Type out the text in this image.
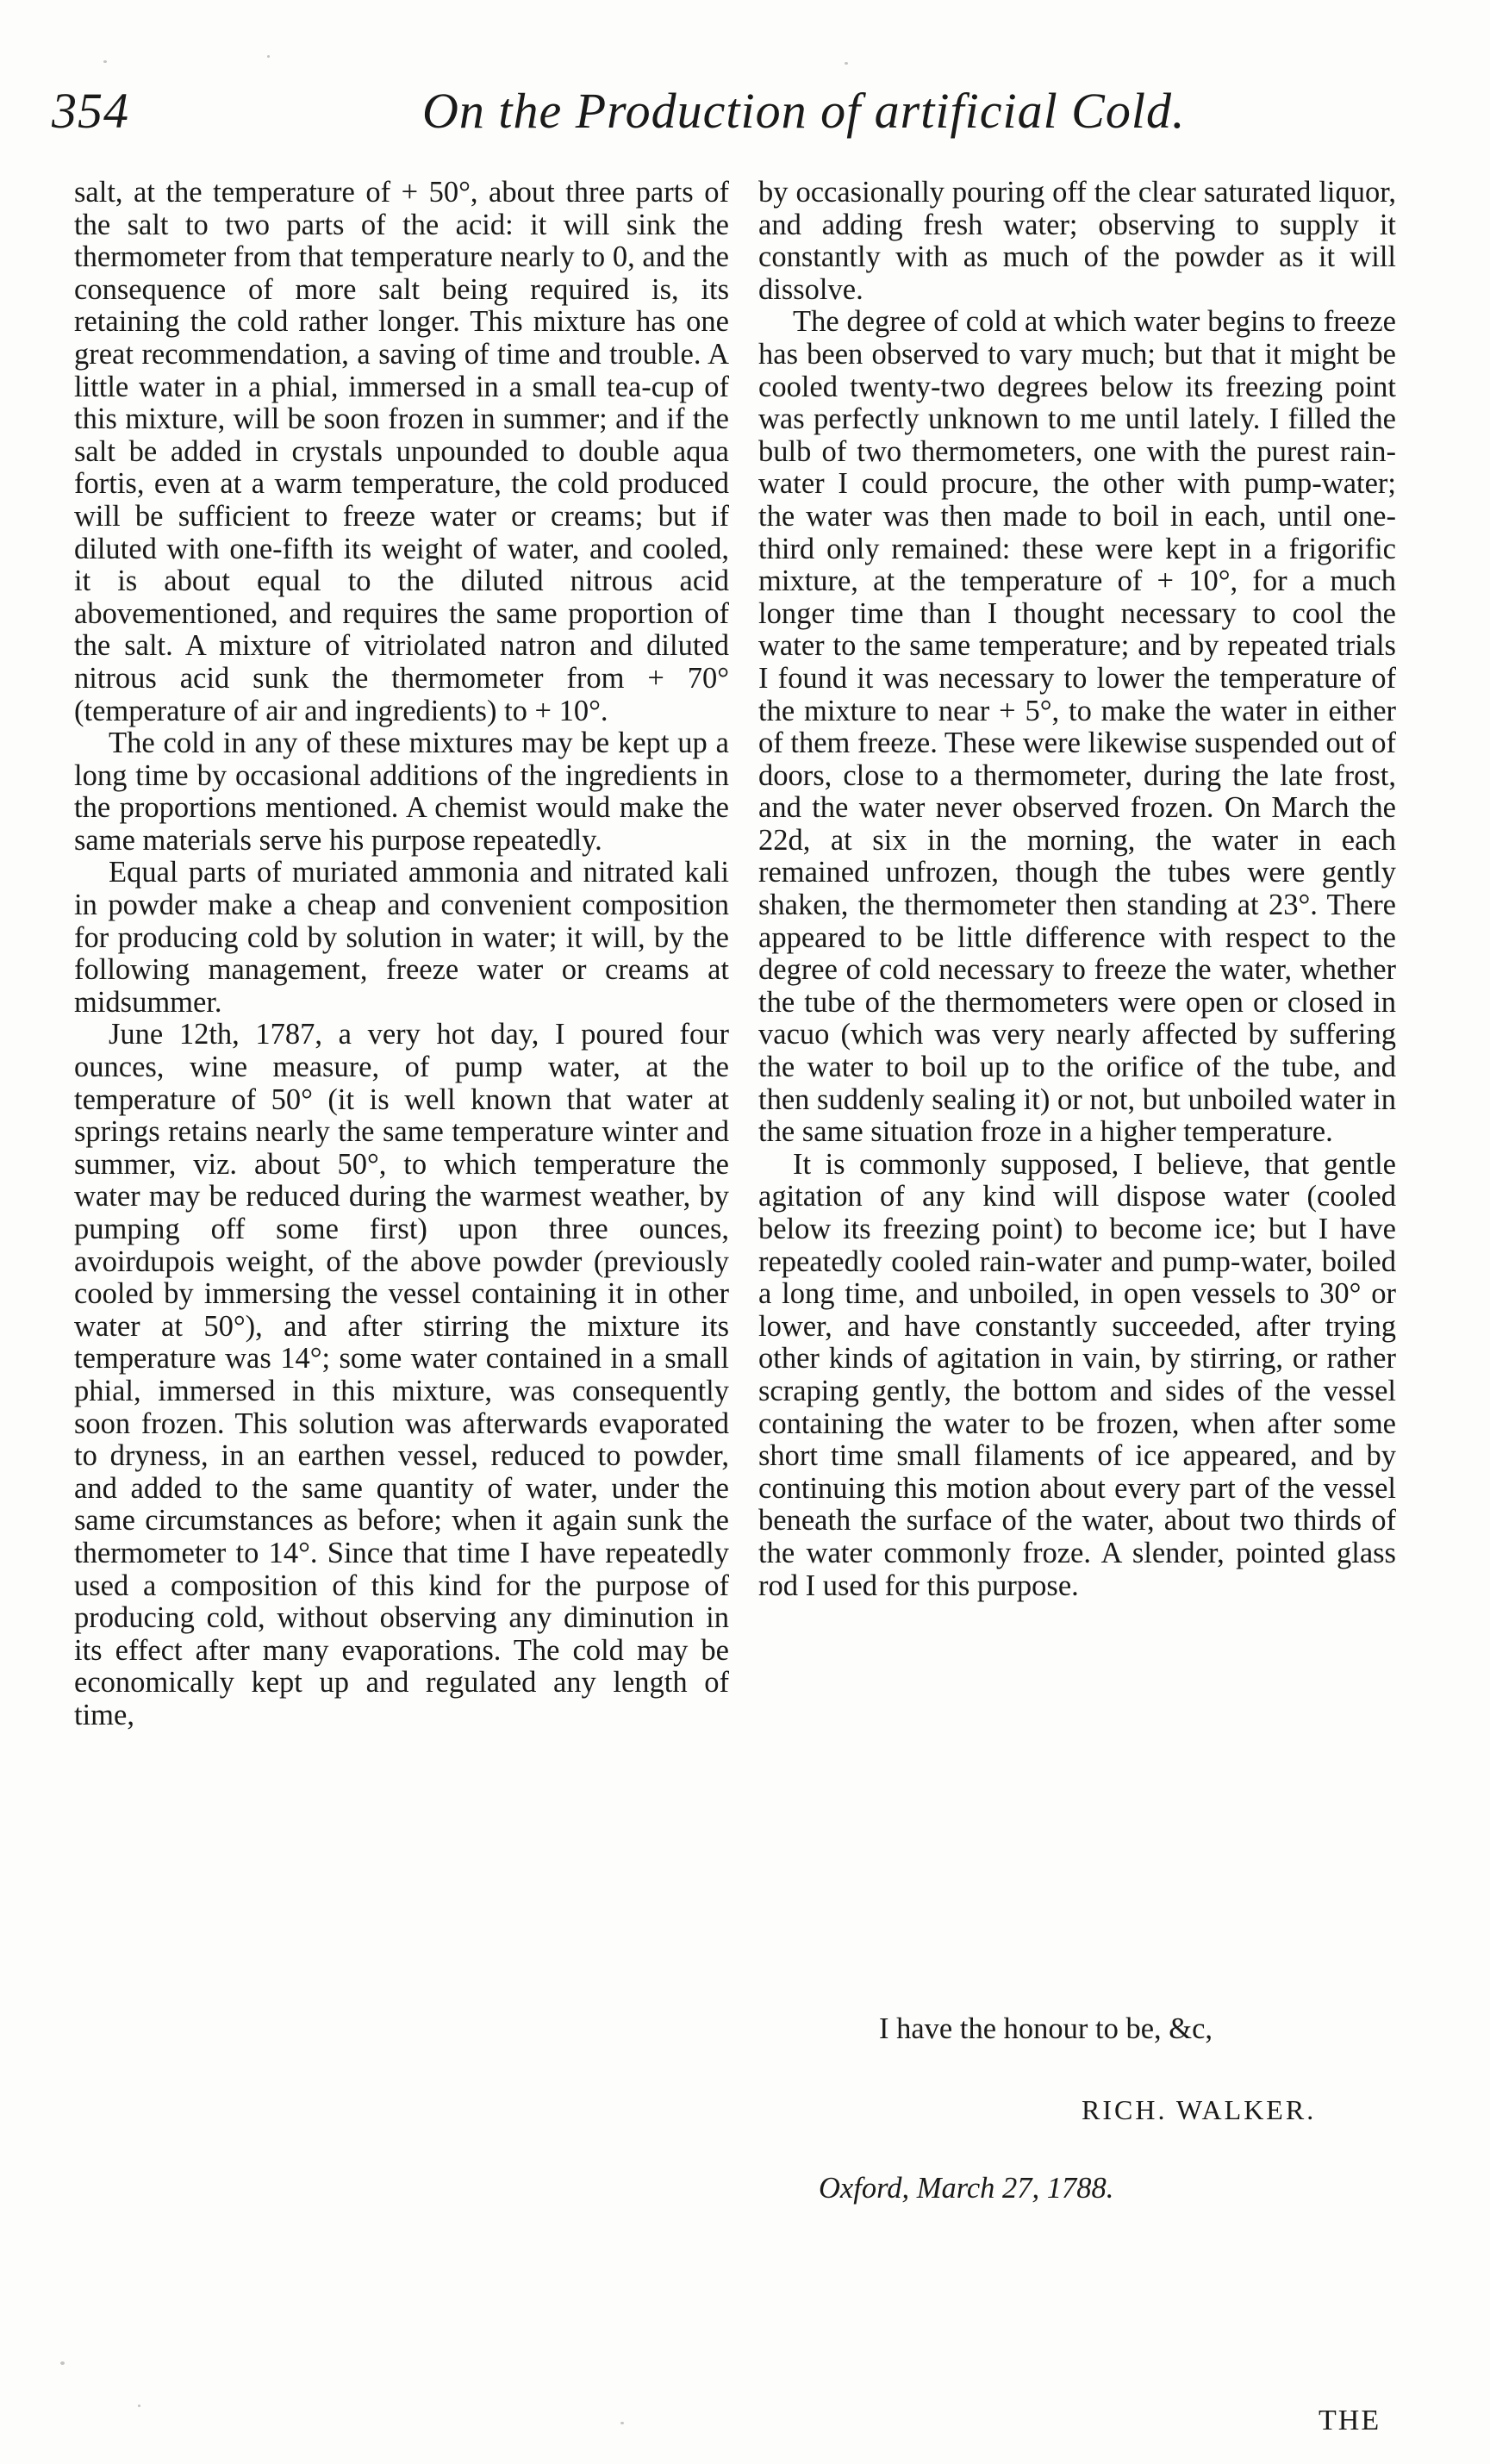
354	On the Production of artificial Cold.

salt, at the temperature of + 50°, about three parts of the salt to two parts of the acid: it will sink the thermometer from that temperature nearly to 0, and the consequence of more salt being required is, its retaining the cold rather longer. This mixture has one great recommendation, a saving of time and trouble. A little water in a phial, immersed in a small tea-cup of this mixture, will be soon frozen in summer; and if the salt be added in crystals unpounded to double aqua fortis, even at a warm temperature, the cold produced will be sufficient to freeze water or creams; but if diluted with one-fifth its weight of water, and cooled, it is about equal to the diluted nitrous acid abovementioned, and requires the same proportion of the salt. A mixture of vitriolated natron and diluted nitrous acid sunk the thermometer from + 70° (temperature of air and ingredients) to + 10°.

The cold in any of these mixtures may be kept up a long time by occasional additions of the ingredients in the proportions mentioned. A chemist would make the same materials serve his purpose repeatedly.

Equal parts of muriated ammonia and nitrated kali in powder make a cheap and convenient composition for producing cold by solution in water; it will, by the following management, freeze water or creams at midsummer.

June 12th, 1787, a very hot day, I poured four ounces, wine measure, of pump water, at the temperature of 50° (it is well known that water at springs retains nearly the same temperature winter and summer, viz. about 50°, to which temperature the water may be reduced during the warmest weather, by pumping off some first) upon three ounces, avoirdupois weight, of the above powder (previously cooled by immersing the vessel containing it in other water at 50°), and after stirring the mixture its temperature was 14°; some water contained in a small phial, immersed in this mixture, was consequently soon frozen. This solution was afterwards evaporated to dryness, in an earthen vessel, reduced to powder, and added to the same quantity of water, under the same circumstances as before; when it again sunk the thermometer to 14°. Since that time I have repeatedly used a composition of this kind for the purpose of producing cold, without observing any diminution in its effect after many evaporations. The cold may be economically kept up and regulated any length of time,

by occasionally pouring off the clear saturated liquor, and adding fresh water; observing to supply it constantly with as much of the powder as it will dissolve.

The degree of cold at which water begins to freeze has been observed to vary much; but that it might be cooled twenty-two degrees below its freezing point was perfectly unknown to me until lately. I filled the bulb of two thermometers, one with the purest rain-water I could procure, the other with pump-water; the water was then made to boil in each, until one-third only remained: these were kept in a frigorific mixture, at the temperature of + 10°, for a much longer time than I thought necessary to cool the water to the same temperature; and by repeated trials I found it was necessary to lower the temperature of the mixture to near + 5°, to make the water in either of them freeze. These were likewise suspended out of doors, close to a thermometer, during the late frost, and the water never observed frozen. On March the 22d, at six in the morning, the water in each remained unfrozen, though the tubes were gently shaken, the thermometer then standing at 23°. There appeared to be little difference with respect to the degree of cold necessary to freeze the water, whether the tube of the thermometers were open or closed in vacuo (which was very nearly affected by suffering the water to boil up to the orifice of the tube, and then suddenly sealing it) or not, but unboiled water in the same situation froze in a higher temperature.

It is commonly supposed, I believe, that gentle agitation of any kind will dispose water (cooled below its freezing point) to become ice; but I have repeatedly cooled rain-water and pump-water, boiled a long time, and unboiled, in open vessels to 30° or lower, and have constantly succeeded, after trying other kinds of agitation in vain, by stirring, or rather scraping gently, the bottom and sides of the vessel containing the water to be frozen, when after some short time small filaments of ice appeared, and by continuing this motion about every part of the vessel beneath the surface of the water, about two thirds of the water commonly froze. A slender, pointed glass rod I used for this purpose.

I have the honour to be, &c,
RICH. WALKER.
Oxford, March 27, 1788.
THE
